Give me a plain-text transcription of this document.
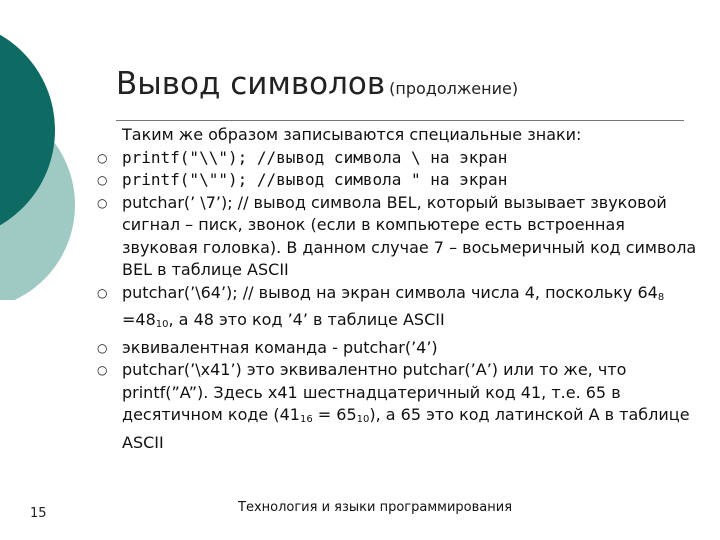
Вывод символов (продолжение)
Таким же образом записываются специальные знаки:
○ printf("\\"); //вывод символа \ на экран
○ printf("\""); //вывод символа " на экран
○ putchar(’ \7’); // вывод символа BEL, который вызывает звуковой сигнал – писк, звонок (если в компьютере есть встроенная звуковая головка). В данном случае 7 – восьмеричный код символа BEL в таблице ASCII
○ putchar(’\64’); // вывод на экран символа числа 4, поскольку $64_8 =48_{10}$, а 48 это код ’4’ в таблице ASCII
○ эквивалентная команда - putchar(’4’)
○ putchar(’\x41’) это эквивалентно putchar(’A’) или то же, что printf(”A”). Здесь x41 шестнадцатеричный код 41, т.е. 65 в десятичном коде $(41_{16} = 65_{10})$, а 65 это код латинской А в таблице ASCII
15	Технология и языки программирования
